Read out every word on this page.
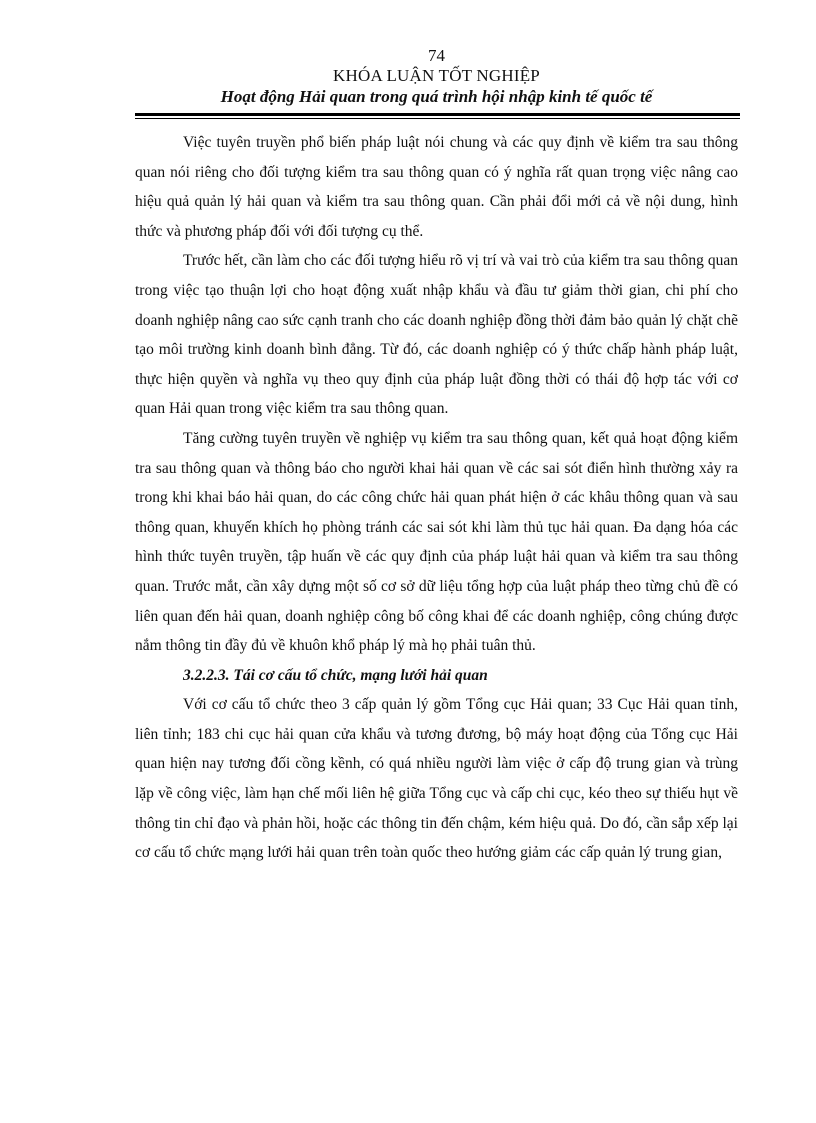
74
KHÓA LUẬN TỐT NGHIỆP
Hoạt động Hải quan trong quá trình hội nhập kinh tế quốc tế

Việc tuyên truyền phổ biến pháp luật nói chung và các quy định về kiểm tra sau thông quan nói riêng cho đối tượng kiểm tra sau thông quan có ý nghĩa rất quan trọng việc nâng cao hiệu quả quản lý hải quan và kiểm tra sau thông quan. Cần phải đổi mới cả về nội dung, hình thức và phương pháp đối với đối tượng cụ thể.

Trước hết, cần làm cho các đối tượng hiểu rõ vị trí và vai trò của kiểm tra sau thông quan trong việc tạo thuận lợi cho hoạt động xuất nhập khẩu và đầu tư giảm thời gian, chi phí cho doanh nghiệp nâng cao sức cạnh tranh cho các doanh nghiệp đồng thời đảm bảo quản lý chặt chẽ tạo môi trường kinh doanh bình đẳng. Từ đó, các doanh nghiệp có ý thức chấp hành pháp luật, thực hiện quyền và nghĩa vụ theo quy định của pháp luật đồng thời có thái độ hợp tác với cơ quan Hải quan trong việc kiểm tra sau thông quan.

Tăng cường tuyên truyền về nghiệp vụ kiểm tra sau thông quan, kết quả hoạt động kiểm tra sau thông quan và thông báo cho người khai hải quan về các sai sót điển hình thường xảy ra trong khi khai báo hải quan, do các công chức hải quan phát hiện ở các khâu thông quan và sau thông quan, khuyến khích họ phòng tránh các sai sót khi làm thủ tục hải quan. Đa dạng hóa các hình thức tuyên truyền, tập huấn về các quy định của pháp luật hải quan và kiểm tra sau thông quan. Trước mắt, cần xây dựng một số cơ sở dữ liệu tổng hợp của luật pháp theo từng chủ đề có liên quan đến hải quan, doanh nghiệp công bố công khai để các doanh nghiệp, công chúng được nắm thông tin đầy đủ về khuôn khổ pháp lý mà họ phải tuân thủ.

3.2.2.3. Tái cơ cấu tổ chức, mạng lưới hải quan

Với cơ cấu tổ chức theo 3 cấp quản lý gồm Tổng cục Hải quan; 33 Cục Hải quan tỉnh, liên tỉnh; 183 chi cục hải quan cửa khẩu và tương đương, bộ máy hoạt động của Tổng cục Hải quan hiện nay tương đối cồng kềnh, có quá nhiều người làm việc ở cấp độ trung gian và trùng lặp về công việc, làm hạn chế mối liên hệ giữa Tổng cục và cấp chi cục, kéo theo sự thiếu hụt về thông tin chỉ đạo và phản hồi, hoặc các thông tin đến chậm, kém hiệu quả. Do đó, cần sắp xếp lại cơ cấu tổ chức mạng lưới hải quan trên toàn quốc theo hướng giảm các cấp quản lý trung gian,
